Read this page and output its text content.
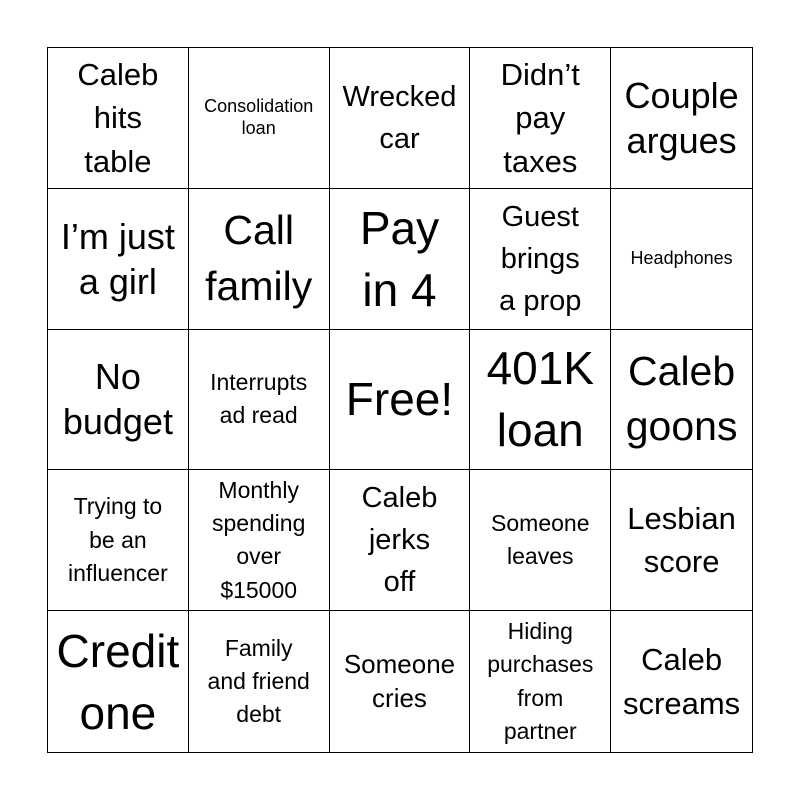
Caleb
hits
table
Consolidation
loan
Wrecked
car
Didn’t
pay
taxes
Couple
argues
I’m just
a girl
Call
family
Pay
in 4
Guest
brings
a prop
Headphones
No
budget
Interrupts
ad read Free!
401K
loan
Caleb
goons
Trying to
be an
influencer
Monthly
spending
over
$15000
Caleb
jerks
off
Someone
leaves
Lesbian
score
Credit
one
Family
and friend
debt
Someone
cries
Hiding
purchases
from
partner
Caleb
screams
